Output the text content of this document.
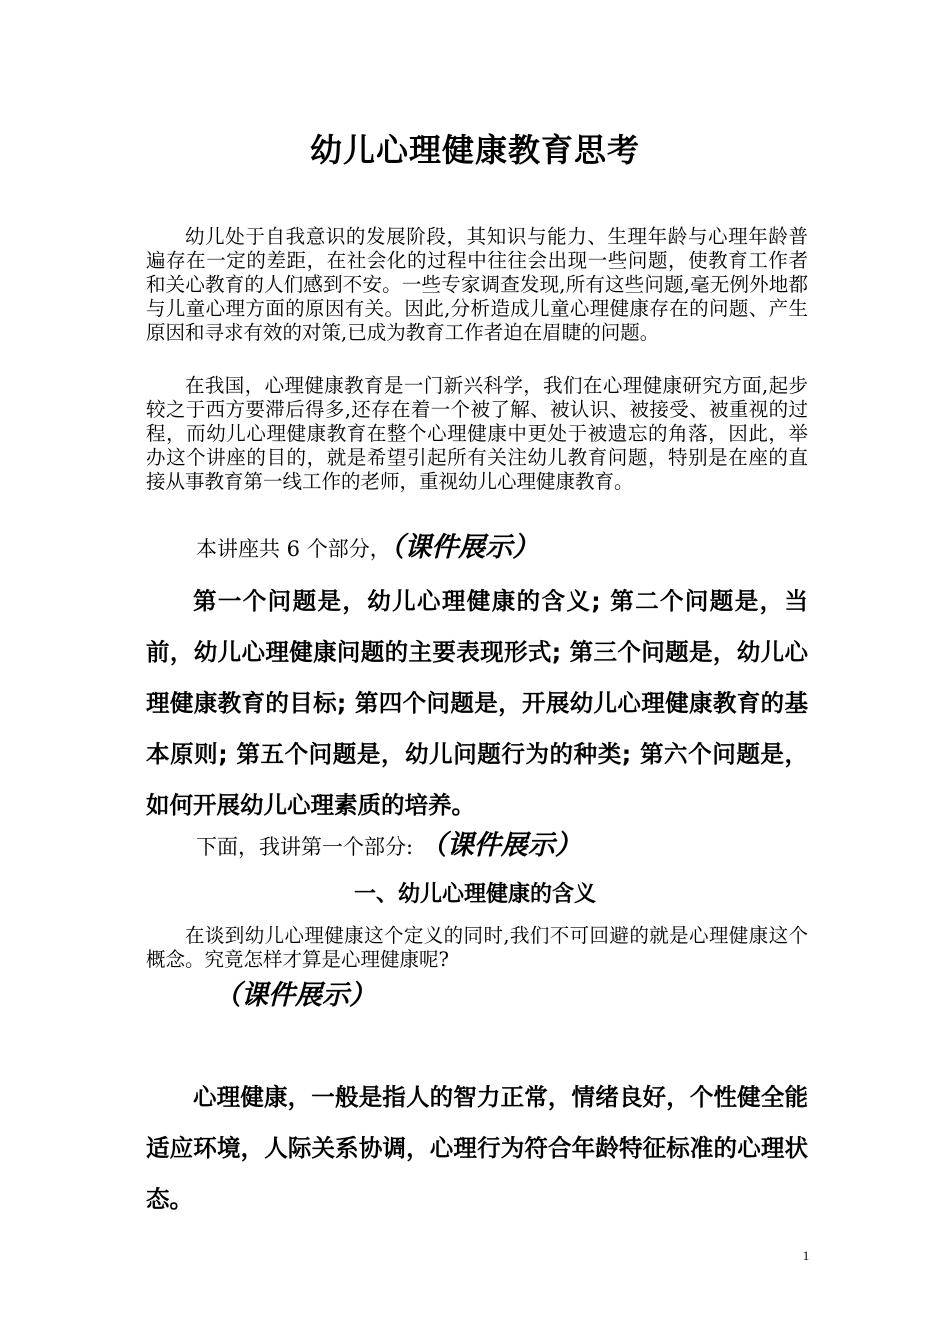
幼儿心理健康教育思考

幼儿处于自我意识的发展阶段，其知识与能力、生理年龄与心理年龄普遍存在一定的差距，在社会化的过程中往往会出现一些问题，使教育工作者和关心教育的人们感到不安。一些专家调查发现,所有这些问题,毫无例外地都与儿童心理方面的原因有关。因此,分析造成儿童心理健康存在的问题、产生原因和寻求有效的对策,已成为教育工作者迫在眉睫的问题。

在我国，心理健康教育是一门新兴科学，我们在心理健康研究方面,起步较之于西方要滞后得多,还存在着一个被了解、被认识、被接受、被重视的过程，而幼儿心理健康教育在整个心理健康中更处于被遗忘的角落，因此，举办这个讲座的目的，就是希望引起所有关注幼儿教育问题，特别是在座的直接从事教育第一线工作的老师，重视幼儿心理健康教育。

本讲座共 6 个部分，（课件展示）

第一个问题是，幼儿心理健康的含义; 第二个问题是，当前，幼儿心理健康问题的主要表现形式; 第三个问题是，幼儿心理健康教育的目标; 第四个问题是，开展幼儿心理健康教育的基本原则; 第五个问题是，幼儿问题行为的种类; 第六个问题是，如何开展幼儿心理素质的培养。

下面，我讲第一个部分: （课件展示）
一、幼儿心理健康的含义

在谈到幼儿心理健康这个定义的同时,我们不可回避的就是心理健康这个概念。究竟怎样才算是心理健康呢?

（课件展示）

心理健康，一般是指人的智力正常，情绪良好，个性健全能适应环境，人际关系协调，心理行为符合年龄特征标准的心理状态。

1
